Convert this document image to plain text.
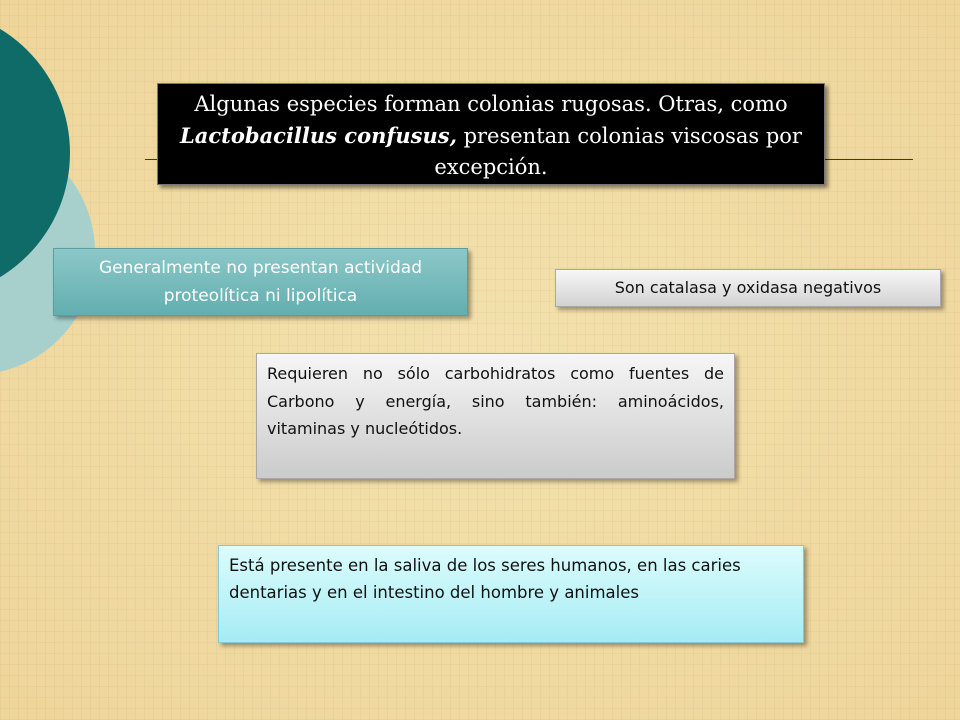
Algunas especies forman colonias rugosas. Otras, como Lactobacillus confusus, presentan colonias viscosas por excepción.
Generalmente no presentan actividad proteolítica ni lipolítica	Son catalasa y oxidasa negativos
Requieren no sólo carbohidratos como fuentes de Carbono y energía, sino también: aminoácidos, vitaminas y nucleótidos.
Está presente en la saliva de los seres humanos, en las caries dentarias y en el intestino del hombre y animales
